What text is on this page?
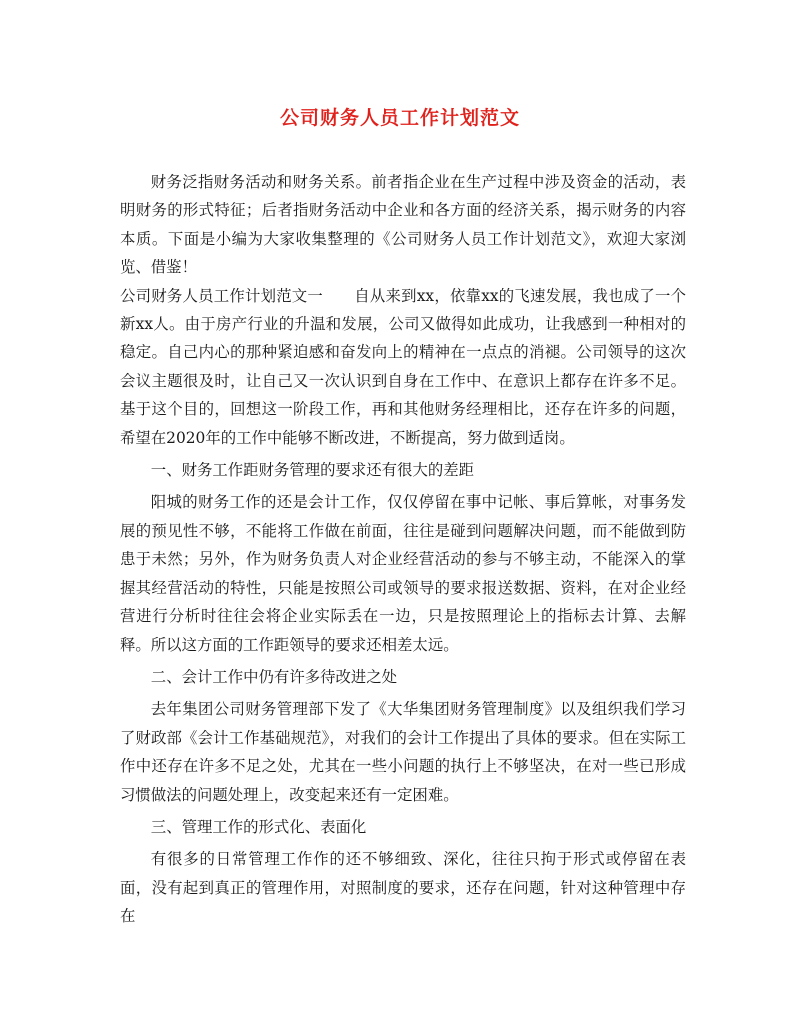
公司财务人员工作计划范文

财务泛指财务活动和财务关系。前者指企业在生产过程中涉及资金的活动，表明财务的形式特征；后者指财务活动中企业和各方面的经济关系，揭示财务的内容本质。下面是小编为大家收集整理的《公司财务人员工作计划范文》，欢迎大家浏览、借鉴！

公司财务人员工作计划范文一　　自从来到xx，依靠xx的飞速发展，我也成了一个新xx人。由于房产行业的升温和发展，公司又做得如此成功，让我感到一种相对的稳定。自己内心的那种紧迫感和奋发向上的精神在一点点的消褪。公司领导的这次会议主题很及时，让自己又一次认识到自身在工作中、在意识上都存在许多不足。基于这个目的，回想这一阶段工作，再和其他财务经理相比，还存在许多的问题，希望在2020年的工作中能够不断改进，不断提高，努力做到适岗。

一、财务工作距财务管理的要求还有很大的差距

阳城的财务工作的还是会计工作，仅仅停留在事中记帐、事后算帐，对事务发展的预见性不够，不能将工作做在前面，往往是碰到问题解决问题，而不能做到防患于未然；另外，作为财务负责人对企业经营活动的参与不够主动，不能深入的掌握其经营活动的特性，只能是按照公司或领导的要求报送数据、资料，在对企业经营进行分析时往往会将企业实际丢在一边，只是按照理论上的指标去计算、去解释。所以这方面的工作距领导的要求还相差太远。

二、会计工作中仍有许多待改进之处

去年集团公司财务管理部下发了《大华集团财务管理制度》以及组织我们学习了财政部《会计工作基础规范》，对我们的会计工作提出了具体的要求。但在实际工作中还存在许多不足之处，尤其在一些小问题的执行上不够坚决，在对一些已形成习惯做法的问题处理上，改变起来还有一定困难。

三、管理工作的形式化、表面化

有很多的日常管理工作作的还不够细致、深化，往往只拘于形式或停留在表面，没有起到真正的管理作用，对照制度的要求，还存在问题，针对这种管理中存在
